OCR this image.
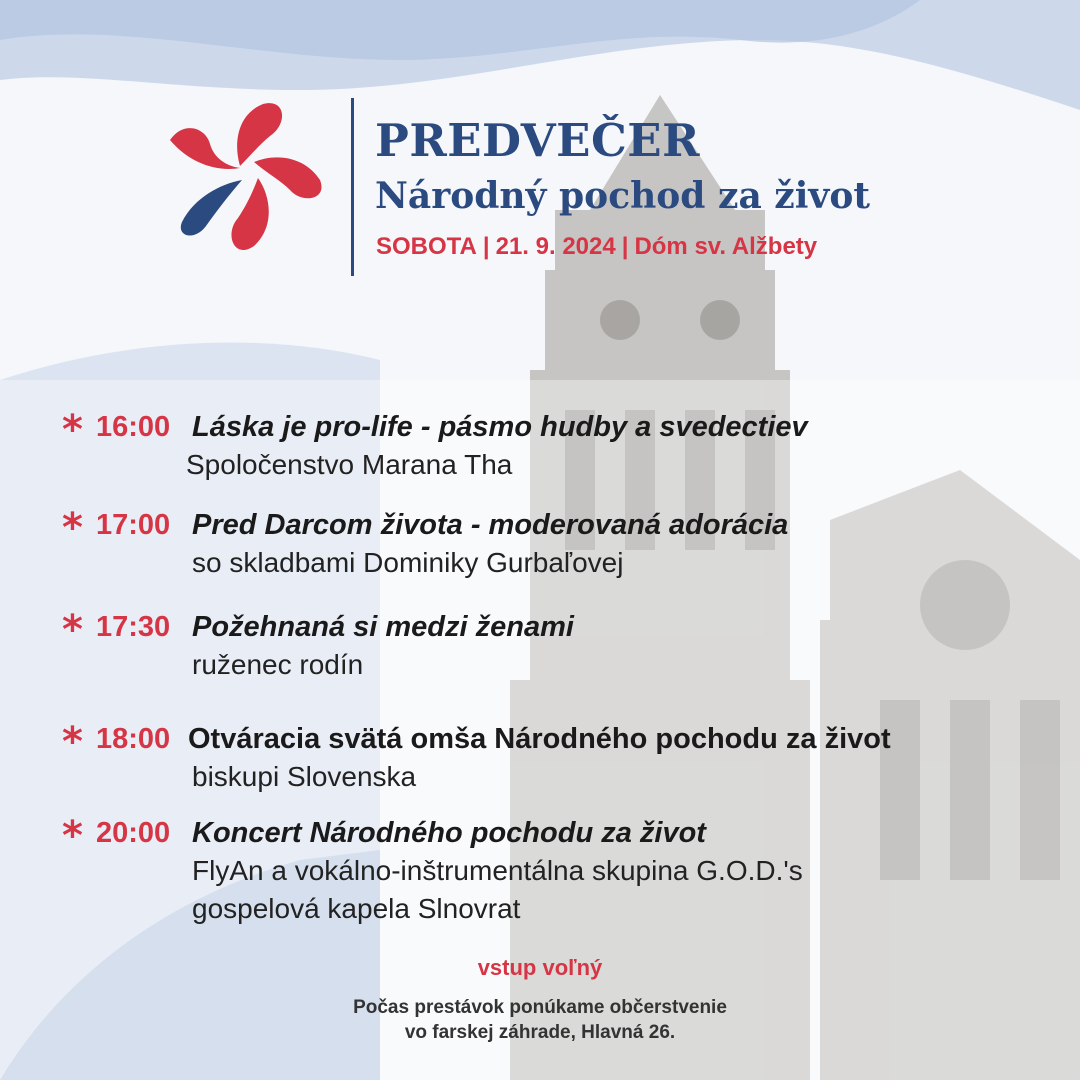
PREDVEČER
Národný pochod za život
SOBOTA | 21. 9. 2024 | Dóm sv. Alžbety
* 16:00 Láska je pro-life - pásmo hudby a svedectiev
Spoločenstvo Marana Tha
* 17:00 Pred Darcom života - moderovaná adorácia
so skladbami Dominiky Gurbaľovej
* 17:30 Požehnaná si medzi ženami
ruženec rodín
* 18:00 Otváracia svätá omša Národného pochodu za život
biskupi Slovenska
* 20:00 Koncert Národného pochodu za život
FlyAn a vokálno-inštrumentálna skupina G.O.D.'s
gospelová kapela Slnovrat
vstup voľný
Počas prestávok ponúkame občerstvenie
vo farskej záhrade, Hlavná 26.
